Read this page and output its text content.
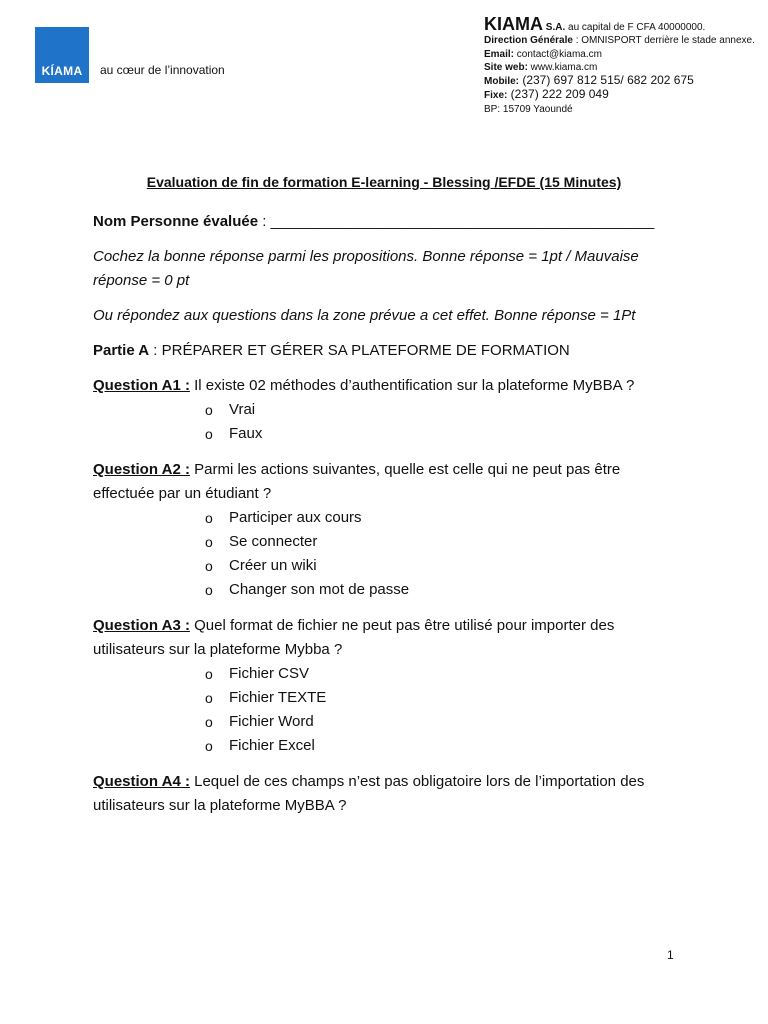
KÍAMA au cœur de l’innovation
KIAMA S.A. au capital de F CFA 40000000.
Direction Générale : OMNISPORT derrière le stade annexe.
Email: contact@kiama.cm
Site web: www.kiama.cm
Mobile: (237) 697 812 515/ 682 202 675
Fixe: (237) 222 209 049
BP: 15709 Yaoundé
Evaluation de fin de formation E-learning - Blessing /EFDE (15 Minutes)

Nom Personne évaluée : ______________________________________________

Cochez la bonne réponse parmi les propositions. Bonne réponse = 1pt / Mauvaise réponse = 0 pt

Ou répondez aux questions dans la zone prévue a cet effet. Bonne réponse = 1Pt

Partie A : PRÉPARER ET GÉRER SA PLATEFORME DE FORMATION

Question A1 : Il existe 02 méthodes d’authentification sur la plateforme MyBBA ?

o Vrai
o Faux

Question A2 : Parmi les actions suivantes, quelle est celle qui ne peut pas être effectuée par un étudiant ?

o Participer aux cours
o Se connecter
o Créer un wiki
o Changer son mot de passe

Question A3 : Quel format de fichier ne peut pas être utilisé pour importer des utilisateurs sur la plateforme Mybba ?

o Fichier CSV
o Fichier TEXTE
o Fichier Word
o Fichier Excel

Question A4 : Lequel de ces champs n’est pas obligatoire lors de l’importation des utilisateurs sur la plateforme MyBBA ?

1
